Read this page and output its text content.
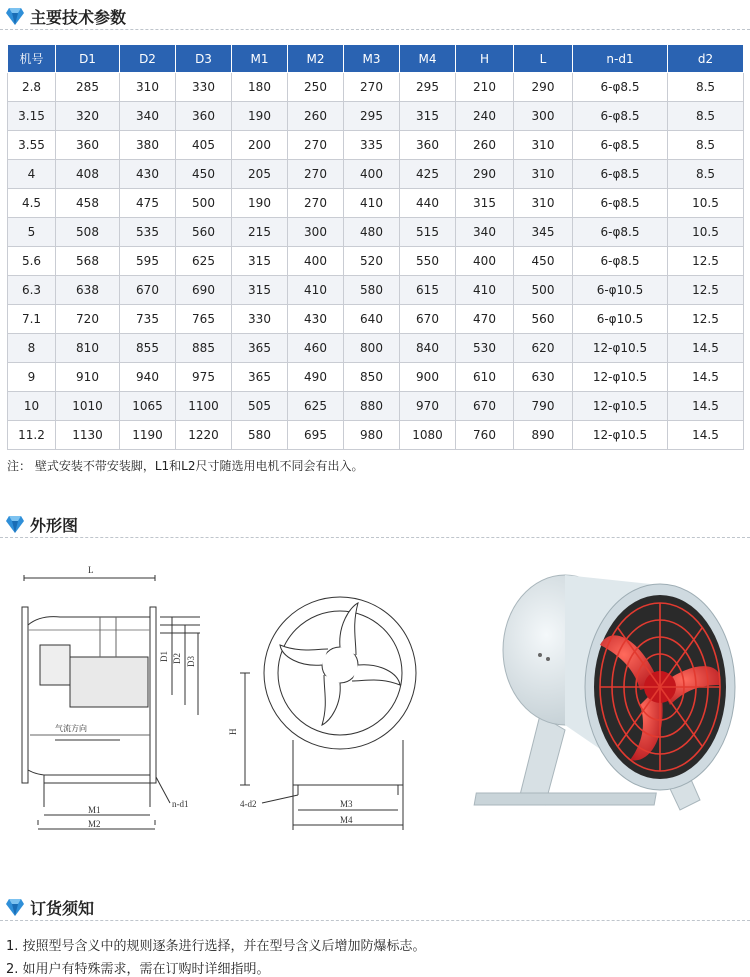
主要技术参数
机号	D1	D2	D3	M1	M2	M3	M4	H	L	n-d1	d2
2.8	285	310	330	180	250	270	295	210	290	6-φ8.5	8.5
3.15	320	340	360	190	260	295	315	240	300	6-φ8.5	8.5
3.55	360	380	405	200	270	335	360	260	310	6-φ8.5	8.5
4	408	430	450	205	270	400	425	290	310	6-φ8.5	8.5
4.5	458	475	500	190	270	410	440	315	310	6-φ8.5	10.5
5	508	535	560	215	300	480	515	340	345	6-φ8.5	10.5
5.6	568	595	625	315	400	520	550	400	450	6-φ8.5	12.5
6.3	638	670	690	315	410	580	615	410	500	6-φ10.5	12.5
7.1	720	735	765	330	430	640	670	470	560	6-φ10.5	12.5
8	810	855	885	365	460	800	840	530	620	12-φ10.5	14.5
9	910	940	975	365	490	850	900	610	630	12-φ10.5	14.5
10	1010	1065	1100	505	625	880	970	670	790	12-φ10.5	14.5
11.2	1130	1190	1220	580	695	980	1080	760	890	12-φ10.5	14.5
注： 壁式安装不带安装脚，L1和L2尺寸随选用电机不同会有出入。
外形图
L
气流方向
M1
M2
D1 D2 D3
n-d1
H
M3
M4
4-d2
订货须知
1. 按照型号含义中的规则逐条进行选择，并在型号含义后增加防爆标志。
2. 如用户有特殊需求，需在订购时详细指明。
